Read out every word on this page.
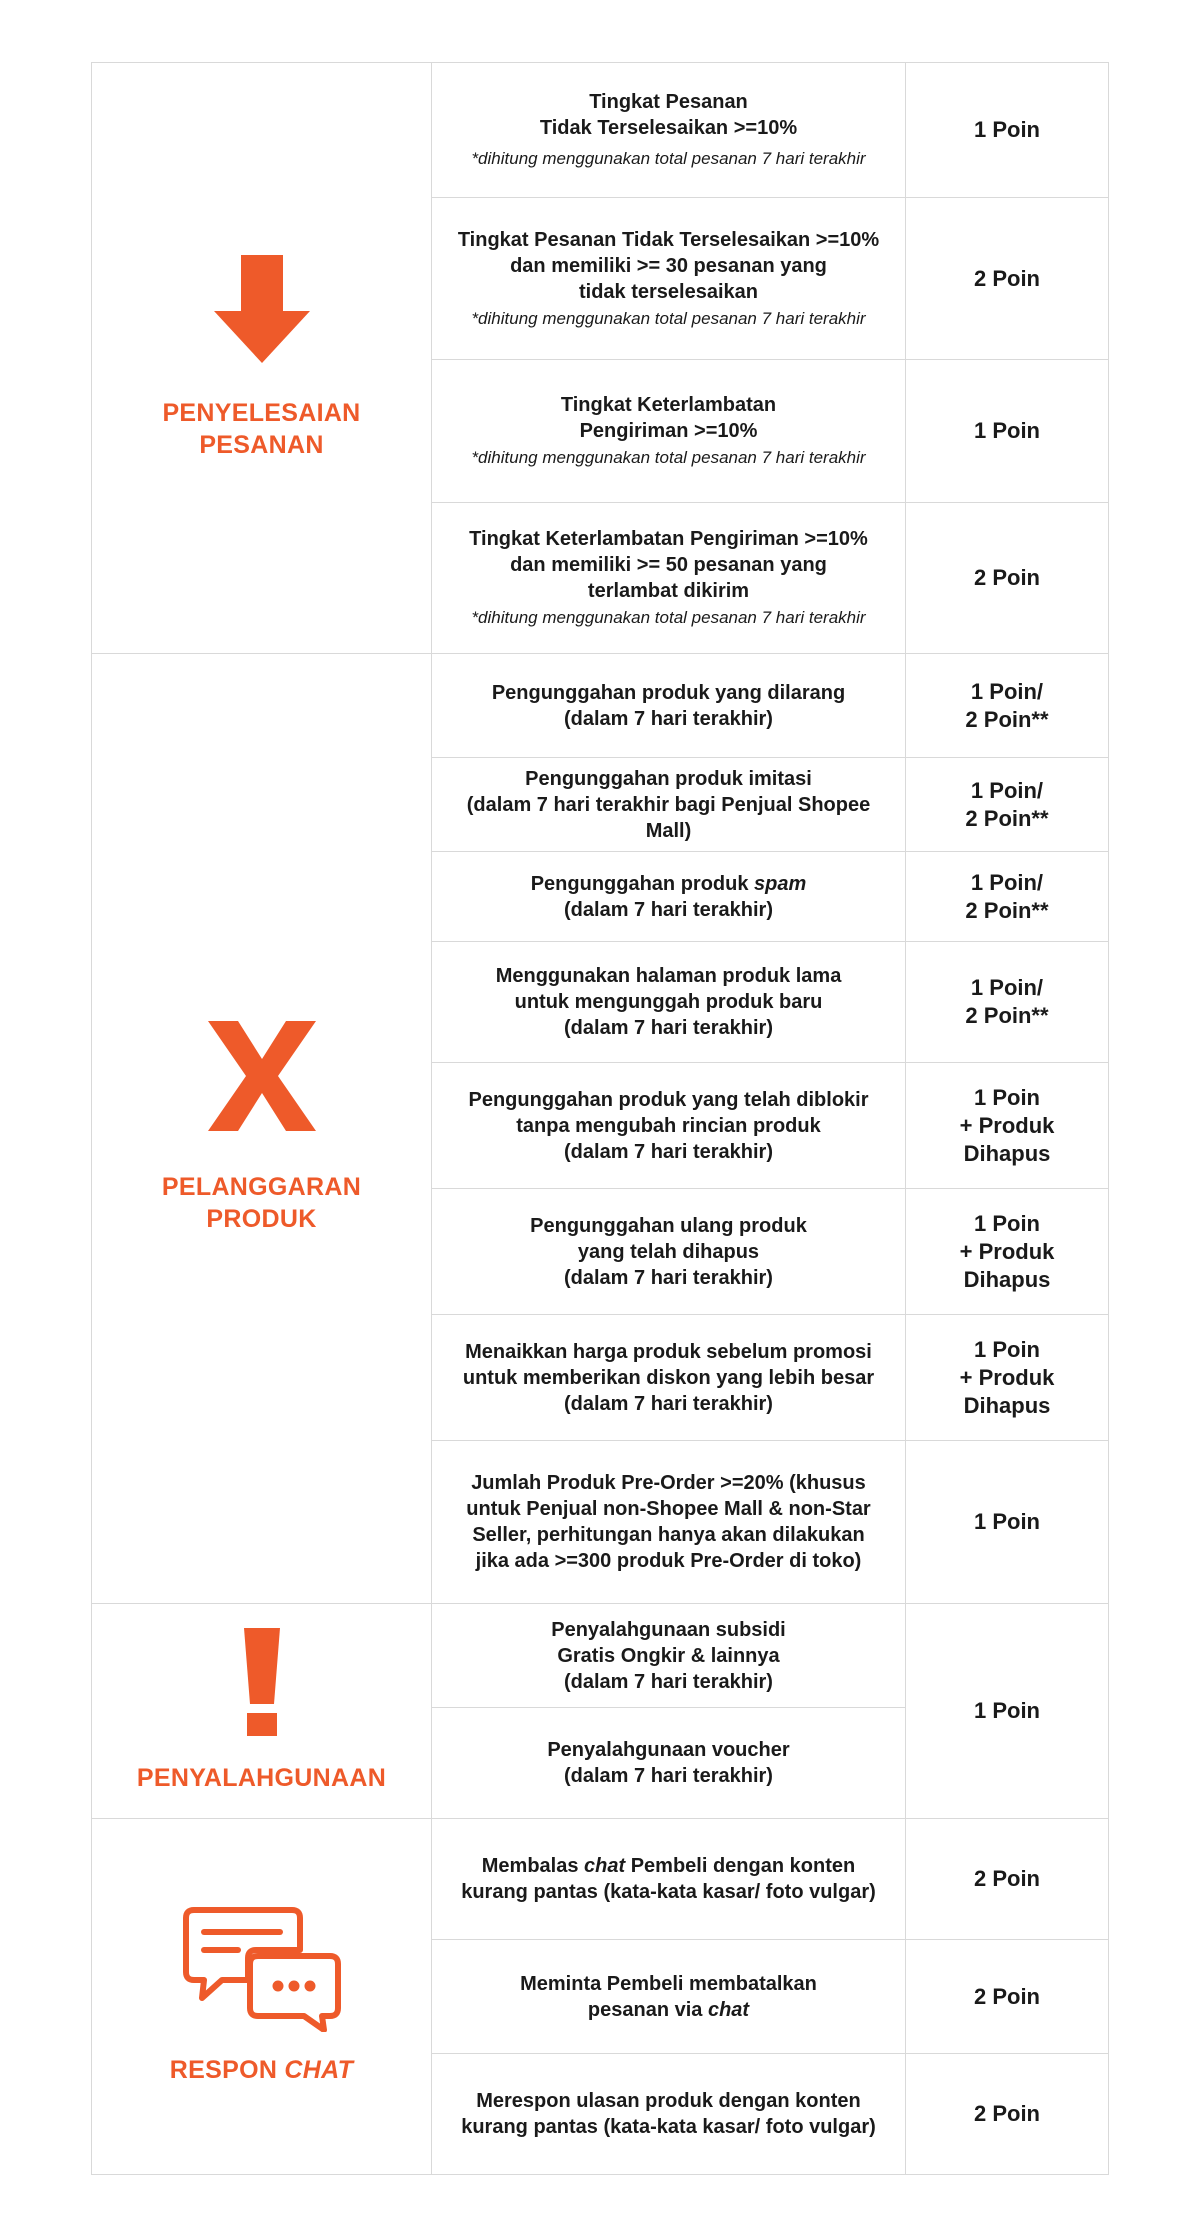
PENYELESAIAN
PESANAN
PELANGGARAN
PRODUK
PENYALAHGUNAAN
RESPON CHAT
Tingkat Pesanan
Tidak Terselesaikan >=10%
*dihitung menggunakan total pesanan 7 hari terakhir
1 Poin
Tingkat Pesanan Tidak Terselesaikan >=10%
dan memiliki >= 30 pesanan yang
tidak terselesaikan
*dihitung menggunakan total pesanan 7 hari terakhir
2 Poin
Tingkat Keterlambatan
Pengiriman >=10%
*dihitung menggunakan total pesanan 7 hari terakhir
1 Poin
Tingkat Keterlambatan Pengiriman >=10%
dan memiliki >= 50 pesanan yang
terlambat dikirim
*dihitung menggunakan total pesanan 7 hari terakhir
2 Poin
Pengunggahan produk yang dilarang
(dalam 7 hari terakhir)
1 Poin/
2 Poin**
Pengunggahan produk imitasi
(dalam 7 hari terakhir bagi Penjual Shopee Mall)
1 Poin/
2 Poin**
Pengunggahan produk spam
(dalam 7 hari terakhir)
1 Poin/
2 Poin**
Menggunakan halaman produk lama
untuk mengunggah produk baru
(dalam 7 hari terakhir)
1 Poin/
2 Poin**
Pengunggahan produk yang telah diblokir
tanpa mengubah rincian produk
(dalam 7 hari terakhir)
1 Poin
+ Produk
Dihapus
Pengunggahan ulang produk
yang telah dihapus
(dalam 7 hari terakhir)
1 Poin
+ Produk
Dihapus
Menaikkan harga produk sebelum promosi
untuk memberikan diskon yang lebih besar
(dalam 7 hari terakhir)
1 Poin
+ Produk
Dihapus
Jumlah Produk Pre-Order >=20% (khusus
untuk Penjual non-Shopee Mall & non-Star
Seller, perhitungan hanya akan dilakukan
jika ada >=300 produk Pre-Order di toko)
1 Poin
Penyalahgunaan subsidi
Gratis Ongkir & lainnya
(dalam 7 hari terakhir)
Penyalahgunaan voucher
(dalam 7 hari terakhir)
1 Poin
Membalas chat Pembeli dengan konten
kurang pantas (kata-kata kasar/ foto vulgar)
2 Poin
Meminta Pembeli membatalkan
pesanan via chat
2 Poin
Merespon ulasan produk dengan konten
kurang pantas (kata-kata kasar/ foto vulgar)
2 Poin
